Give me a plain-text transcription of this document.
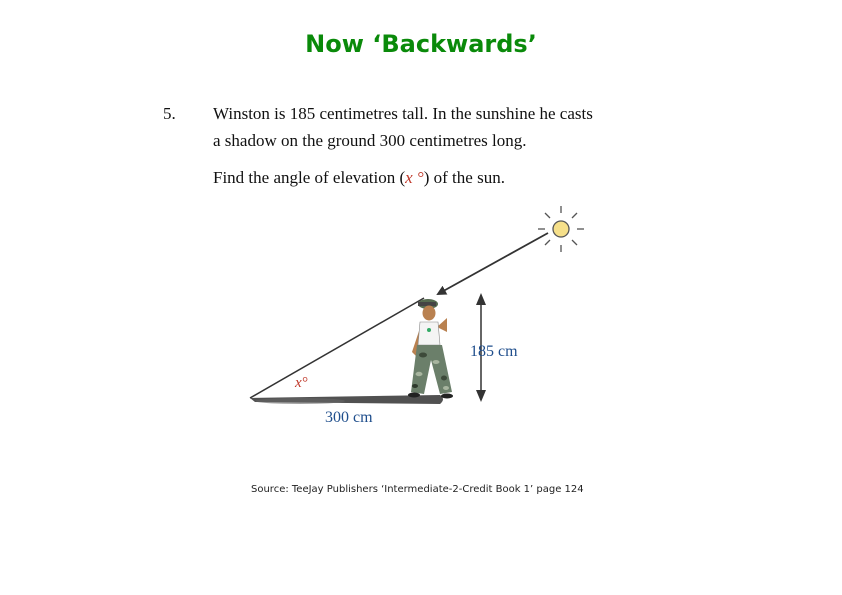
Now ‘Backwards’
5. Winston is 185 centimetres tall. In the sunshine he casts
a shadow on the ground 300 centimetres long.
Find the angle of elevation (x °) of the sun.
x°
185 cm
300 cm
Source: TeeJay Publishers ‘Intermediate-2-Credit Book 1’ page 124
